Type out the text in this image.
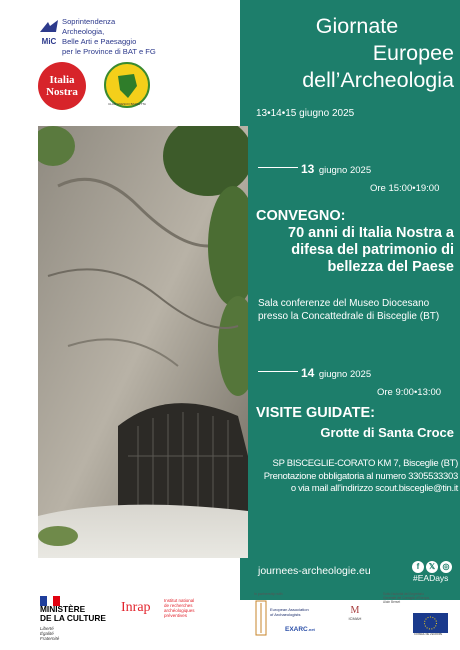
MiC
Soprintendenza
Archeologia,
Belle Arti e Paesaggio
per le Province di BAT e FG
Italia
Nostra
CLUB UNESCO BARLETTA
Giornate
Europee
dell’Archeologia
13•14•15 giugno 2025
13 giugno 2025
Ore 15:00•19:00
CONVEGNO:
70 anni di Italia Nostra a
difesa del patrimonio di
bellezza del Paese
Sala conferenze del Museo Diocesano
presso la Concattedrale di Bisceglie (BT)
14 giugno 2025
Ore 9:00•13:00
VISITE GUIDATE:
Grotte di Santa Croce
SP BISCEGLIE-CORATO KM 7, Bisceglie (BT)
Prenotazione obbligatoria al numero 3305533303
o via mail all’indirizzo scout.bisceglie@tin.it
journees-archeologie.eu	f 𝕏 ◎
#EADays
MINISTÈRE
DE LA CULTURE
Liberté
Égalité
Fraternité
Inrap	Institut national
de recherches
archéologiques
préventives
In partnership with
European Association
of Archaeologists
EXARC.net
M
ICMAH
Sotto l'autorità del Segretario
Generale del Consiglio d'Europa,
Alain Berset
CONSEIL DE L'EUROPE
